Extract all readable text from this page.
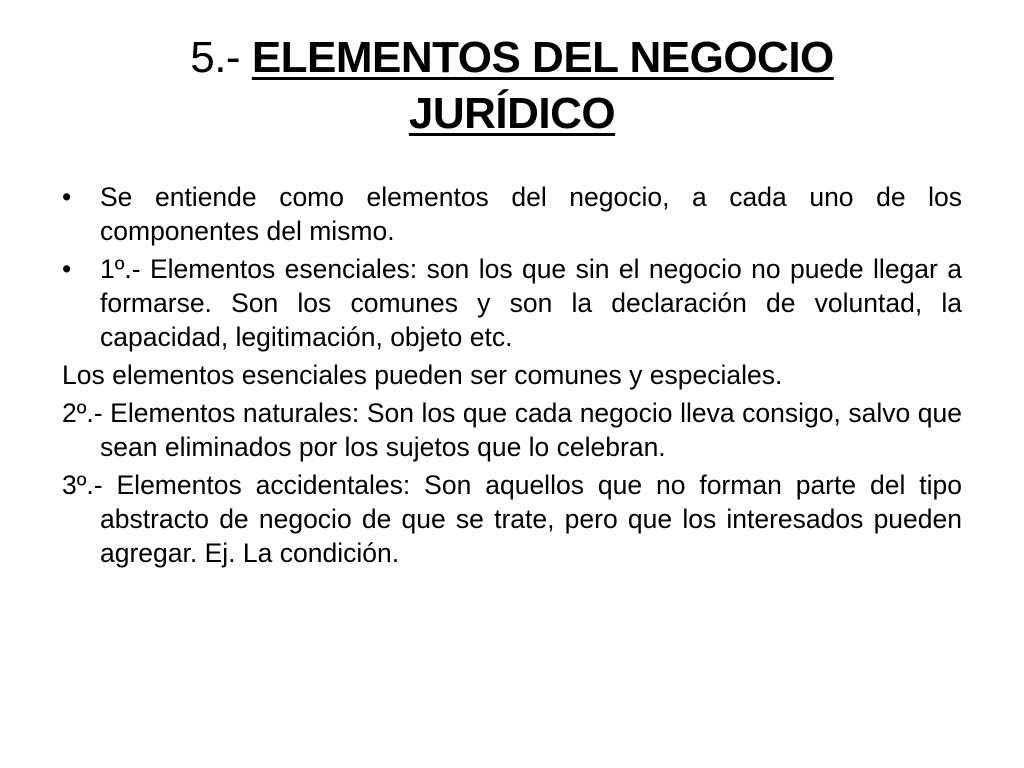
5.- ELEMENTOS DEL NEGOCIO
JURÍDICO

•	Se entiende como elementos del negocio, a cada uno de los componentes del mismo.

•	1º.- Elementos esenciales: son los que sin el negocio no puede llegar a formarse. Son los comunes y son la declaración de voluntad, la capacidad, legitimación, objeto etc.

Los elementos esenciales pueden ser comunes y especiales.

2º.- Elementos naturales: Son los que cada negocio lleva consigo, salvo que sean eliminados por los sujetos que lo celebran.

3º.- Elementos accidentales: Son aquellos que no forman parte del tipo abstracto de negocio de que se trate, pero que los interesados pueden agregar. Ej. La condición.
